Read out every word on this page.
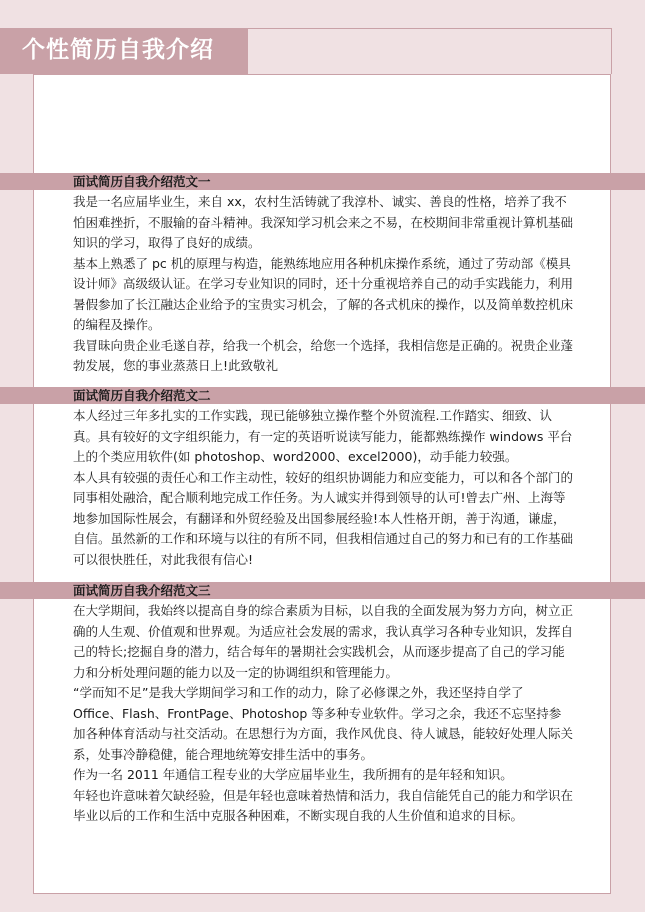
个性简历自我介绍
面试简历自我介绍范文一

我是一名应届毕业生，来自 xx，农村生活铸就了我淳朴、诚实、善良的性格，培养了我不怕困难挫折，不服输的奋斗精神。我深知学习机会来之不易，在校期间非常重视计算机基础知识的学习，取得了良好的成绩。

基本上熟悉了 pc 机的原理与构造，能熟练地应用各种机床操作系统，通过了劳动部《模具设计师》高级级认证。在学习专业知识的同时，还十分重视培养自己的动手实践能力，利用暑假参加了长江融达企业给予的宝贵实习机会，了解的各式机床的操作，以及简单数控机床的编程及操作。

我冒昧向贵企业毛遂自荐，给我一个机会，给您一个选择，我相信您是正确的。祝贵企业蓬勃发展，您的事业蒸蒸日上!此致敬礼

面试简历自我介绍范文二

本人经过三年多扎实的工作实践，现已能够独立操作整个外贸流程.工作踏实、细致、认真。具有较好的文字组织能力，有一定的英语听说读写能力，能都熟练操作 windows 平台上的个类应用软件(如 photoshop、word2000、excel2000)，动手能力较强。

本人具有较强的责任心和工作主动性，较好的组织协调能力和应变能力，可以和各个部门的同事相处融洽，配合顺利地完成工作任务。为人诚实并得到领导的认可!曾去广州、上海等地参加国际性展会，有翻译和外贸经验及出国参展经验!本人性格开朗，善于沟通，谦虚，自信。虽然新的工作和环境与以往的有所不同，但我相信通过自己的努力和已有的工作基础可以很快胜任，对此我很有信心!

面试简历自我介绍范文三

在大学期间，我始终以提高自身的综合素质为目标，以自我的全面发展为努力方向，树立正确的人生观、价值观和世界观。为适应社会发展的需求，我认真学习各种专业知识，发挥自己的特长;挖掘自身的潜力，结合每年的暑期社会实践机会，从而逐步提高了自己的学习能力和分析处理问题的能力以及一定的协调组织和管理能力。

“学而知不足”是我大学期间学习和工作的动力，除了必修课之外，我还坚持自学了 Office、Flash、FrontPage、Photoshop 等多种专业软件。学习之余，我还不忘坚持参加各种体育活动与社交活动。在思想行为方面，我作风优良、待人诚恳，能较好处理人际关系，处事冷静稳健，能合理地统筹安排生活中的事务。

作为一名 2011 年通信工程专业的大学应届毕业生，我所拥有的是年轻和知识。

年轻也许意味着欠缺经验，但是年轻也意味着热情和活力，我自信能凭自己的能力和学识在毕业以后的工作和生活中克服各种困难，不断实现自我的人生价值和追求的目标。
